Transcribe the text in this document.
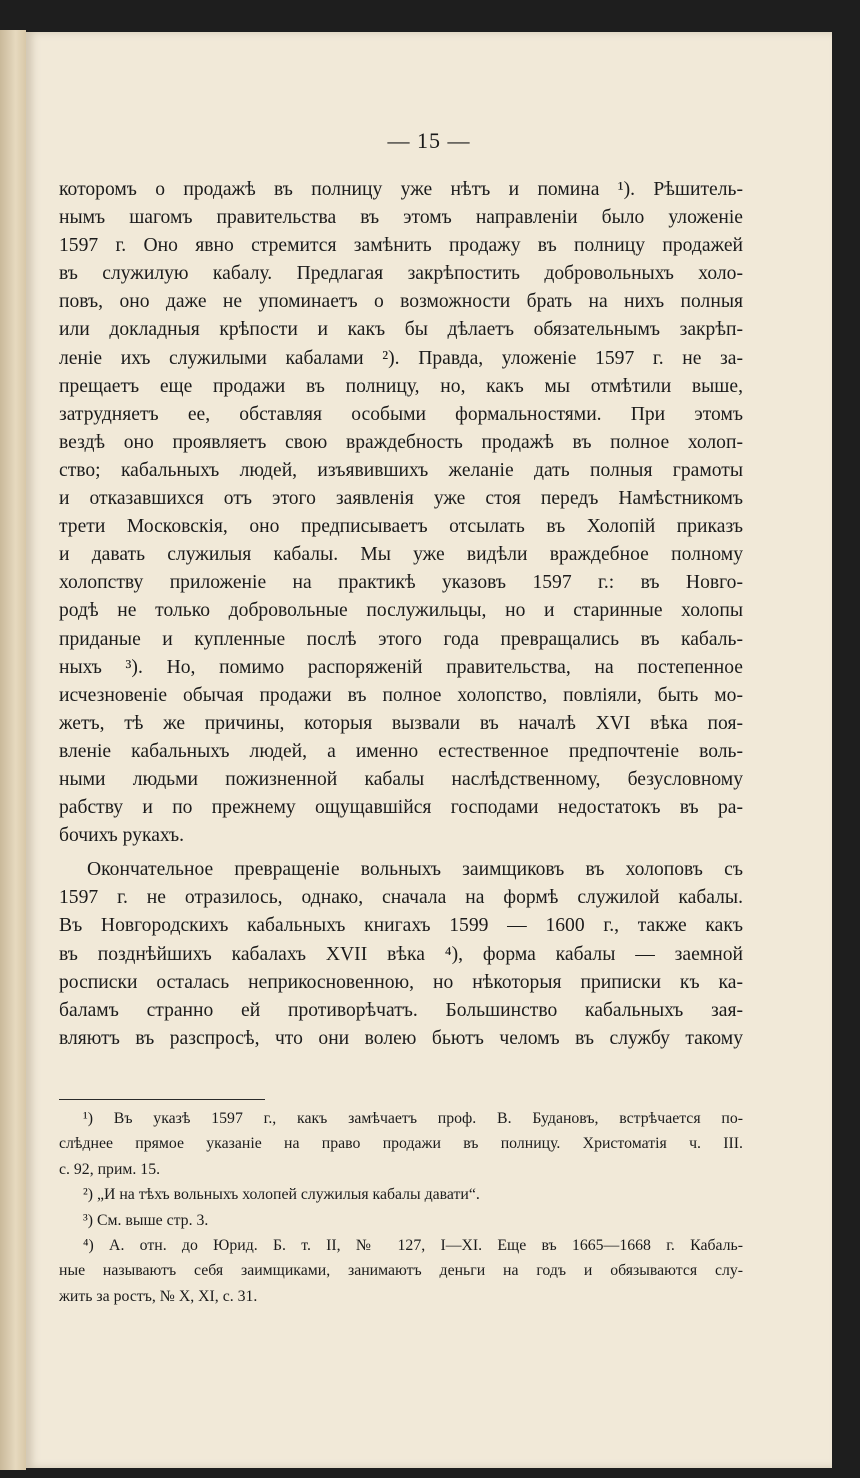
— 15 —
которомъ о продажѣ въ полницу уже нѣтъ и помина ¹). Рѣшитель-
нымъ шагомъ правительства въ этомъ направленіи было уложеніе
1597 г. Оно явно стремится замѣнить продажу въ полницу продажей
въ служилую кабалу. Предлагая закрѣпостить добровольныхъ холо-
повъ, оно даже не упоминаетъ о возможности брать на нихъ полныя
или докладныя крѣпости и какъ бы дѣлаетъ обязательнымъ закрѣп-
леніе ихъ служилыми кабалами ²). Правда, уложеніе 1597 г. не за-
прещаетъ еще продажи въ полницу, но, какъ мы отмѣтили выше,
затрудняетъ ее, обставляя особыми формальностями. При этомъ
вездѣ оно проявляетъ свою враждебность продажѣ въ полное холоп-
ство; кабальныхъ людей, изъявившихъ желаніе дать полныя грамоты
и отказавшихся отъ этого заявленія уже стоя передъ Намѣстникомъ
трети Московскія, оно предписываетъ отсылать въ Холопій приказъ
и давать служилыя кабалы. Мы уже видѣли враждебное полному
холопству приложеніе на практикѣ указовъ 1597 г.: въ Новго-
родѣ не только добровольные послужильцы, но и старинные холопы
приданые и купленные послѣ этого года превращались въ кабаль-
ныхъ ³). Но, помимо распоряженій правительства, на постепенное
исчезновеніе обычая продажи въ полное холопство, повліяли, быть мо-
жетъ, тѣ же причины, которыя вызвали въ началѣ XVI вѣка поя-
вленіе кабальныхъ людей, а именно естественное предпочтеніе воль-
ными людьми пожизненной кабалы наслѣдственному, безусловному
рабству и по прежнему ощущавшійся господами недостатокъ въ ра-
бочихъ рукахъ.
Окончательное превращеніе вольныхъ заимщиковъ въ холоповъ съ
1597 г. не отразилось, однако, сначала на формѣ служилой кабалы.
Въ Новгородскихъ кабальныхъ книгахъ 1599 — 1600 г., также какъ
въ позднѣйшихъ кабалахъ XVII вѣка ⁴), форма кабалы — заемной
росписки осталась неприкосновенною, но нѣкоторыя приписки къ ка-
баламъ странно ей противорѣчатъ. Большинство кабальныхъ зая-
вляютъ въ разспросѣ, что они волею бьютъ челомъ въ службу такому
¹) Въ указѣ 1597 г., какъ замѣчаетъ проф. В. Будановъ, встрѣчается по-
слѣднее прямое указаніе на право продажи въ полницу. Христоматія ч. III.
с. 92, прим. 15.
²) „И на тѣхъ вольныхъ холопей служилыя кабалы давати“.
³) См. выше стр. 3.
⁴) А. отн. до Юрид. Б. т. II, № 127, I—XI. Еще въ 1665—1668 г. Кабаль-
ные называютъ себя заимщиками, занимаютъ деньги на годъ и обязываются слу-
жить за ростъ, № X, XI, с. 31.
